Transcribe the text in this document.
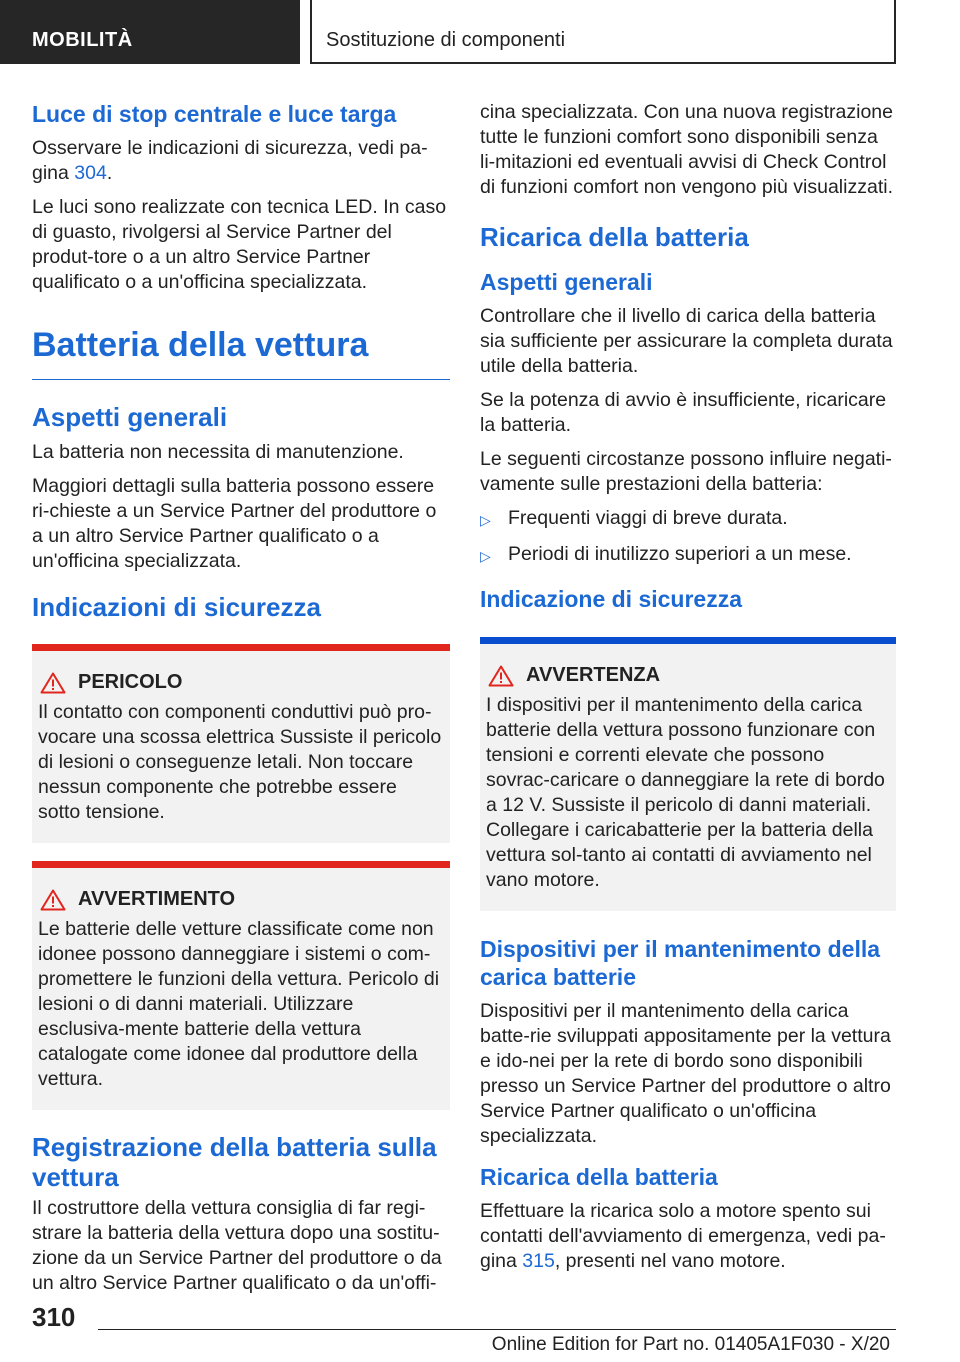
MOBILITÀ	Sostituzione di componenti
Luce di stop centrale e luce targa

Osservare le indicazioni di sicurezza, vedi pa-gina 304.

Le luci sono realizzate con tecnica LED. In caso di guasto, rivolgersi al Service Partner del produt-tore o a un altro Service Partner qualificato o a un'officina specializzata.

Batteria della vettura
Aspetti generali

La batteria non necessita di manutenzione.

Maggiori dettagli sulla batteria possono essere ri-chieste a un Service Partner del produttore o a un altro Service Partner qualificato o a un'officina specializzata.

Indicazioni di sicurezza
PERICOLO

Il contatto con componenti conduttivi può pro-vocare una scossa elettrica Sussiste il pericolo di lesioni o conseguenze letali. Non toccare nessun componente che potrebbe essere sotto tensione.

AVVERTIMENTO

Le batterie delle vetture classificate come non idonee possono danneggiare i sistemi o com-promettere le funzioni della vettura. Pericolo di lesioni o di danni materiali. Utilizzare esclusiva-mente batterie della vettura catalogate come idonee dal produttore della vettura.

Registrazione della batteria sulla vettura

Il costruttore della vettura consiglia di far regi-strare la batteria della vettura dopo una sostitu-zione da un Service Partner del produttore o da un altro Service Partner qualificato o da un'offi-

cina specializzata. Con una nuova registrazione tutte le funzioni comfort sono disponibili senza li-mitazioni ed eventuali avvisi di Check Control di funzioni comfort non vengono più visualizzati.

Ricarica della batteria
Aspetti generali

Controllare che il livello di carica della batteria sia sufficiente per assicurare la completa durata utile della batteria.

Se la potenza di avvio è insufficiente, ricaricare la batteria.

Le seguenti circostanze possono influire negati-vamente sulle prestazioni della batteria:

▷ Frequenti viaggi di breve durata.
▷ Periodi di inutilizzo superiori a un mese.
Indicazione di sicurezza
AVVERTENZA

I dispositivi per il mantenimento della carica batterie della vettura possono funzionare con tensioni e correnti elevate che possono sovrac-caricare o danneggiare la rete di bordo a 12 V. Sussiste il pericolo di danni materiali. Collegare i caricabatterie per la batteria della vettura sol-tanto ai contatti di avviamento nel vano motore.

Dispositivi per il mantenimento della carica batterie

Dispositivi per il mantenimento della carica batte-rie sviluppati appositamente per la vettura e ido-nei per la rete di bordo sono disponibili presso un Service Partner del produttore o altro Service Partner qualificato o un'officina specializzata.

Ricarica della batteria

Effettuare la ricarica solo a motore spento sui contatti dell'avviamento di emergenza, vedi pa-gina 315, presenti nel vano motore.

310
Online Edition for Part no. 01405A1F030 - X/20
